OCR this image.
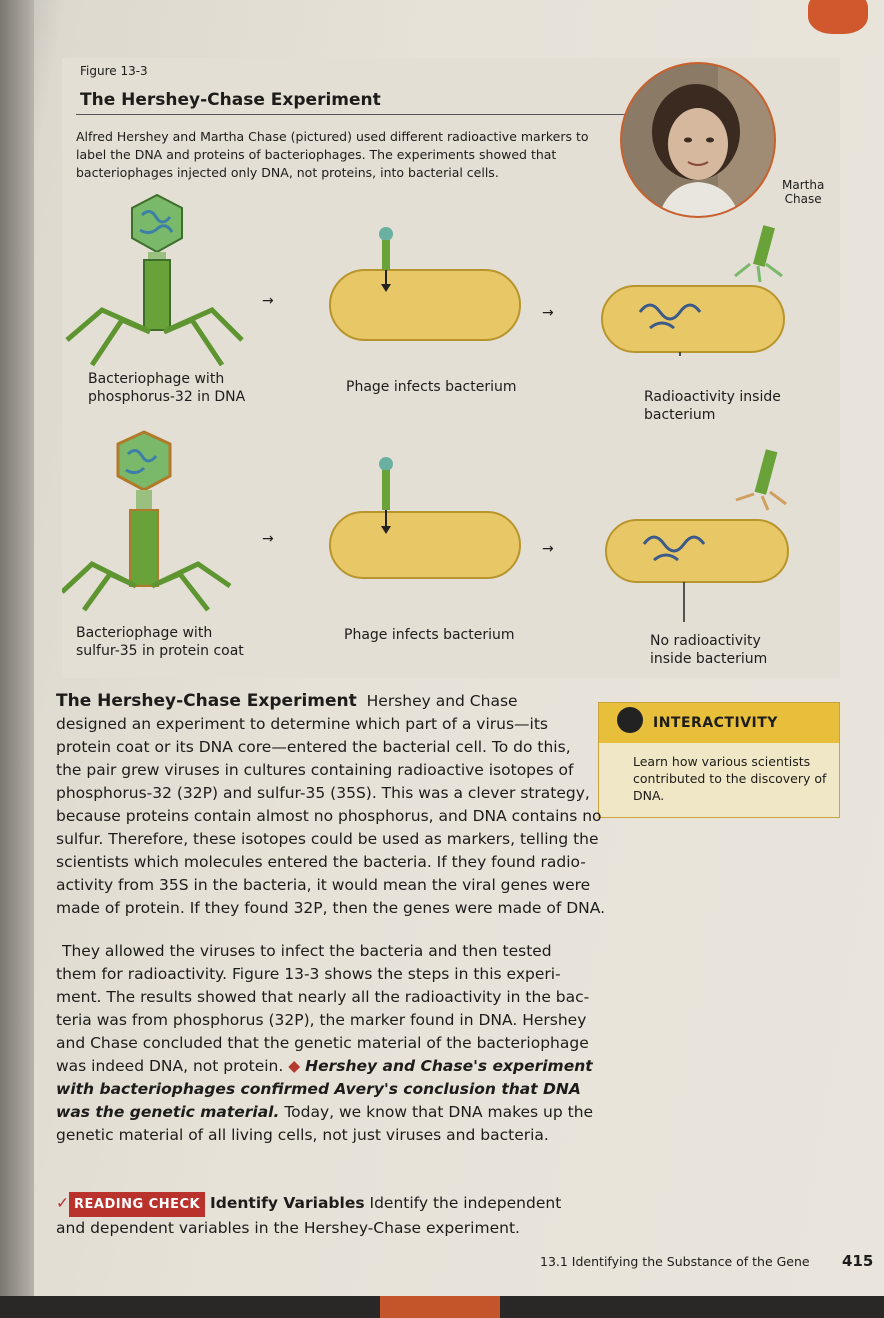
Figure 13-3
The Hershey-Chase Experiment
Alfred Hershey and Martha Chase (pictured) used different radioactive markers to label the DNA and proteins of bacteriophages. The experiments showed that bacteriophages injected only DNA, not proteins, into bacterial cells.
Martha
Chase
Bacteriophage with
phosphorus-32 in DNA
Phage infects bacterium
Radioactivity inside
bacterium
→
→
Bacteriophage with
sulfur-35 in protein coat
Phage infects bacterium	No radioactivity
inside bacterium
→
→
INTERACTIVITY
Learn how various scientists contributed to the discovery of DNA.

The Hershey-Chase Experiment Hershey and Chase

designed an experiment to determine which part of a virus—its

protein coat or its DNA core—entered the bacterial cell. To do this,

the pair grew viruses in cultures containing radioactive isotopes of

phosphorus-32 (32P) and sulfur-35 (35S). This was a clever strategy,

because proteins contain almost no phosphorus, and DNA contains no

sulfur. Therefore, these isotopes could be used as markers, telling the

scientists which molecules entered the bacteria. If they found radio-

activity from 35S in the bacteria, it would mean the viral genes were

made of protein. If they found 32P, then the genes were made of DNA.

They allowed the viruses to infect the bacteria and then tested

them for radioactivity. Figure 13-3 shows the steps in this experi-

ment. The results showed that nearly all the radioactivity in the bac-

teria was from phosphorus (32P), the marker found in DNA. Hershey

and Chase concluded that the genetic material of the bacteriophage

was indeed DNA, not protein. ◆ Hershey and Chase's experiment

with bacteriophages confirmed Avery's conclusion that DNA

was the genetic material. Today, we know that DNA makes up the

genetic material of all living cells, not just viruses and bacteria.

✓ READING CHECK Identify Variables Identify the independent

and dependent variables in the Hershey-Chase experiment.

13.1 Identifying the Substance of the Gene 415
